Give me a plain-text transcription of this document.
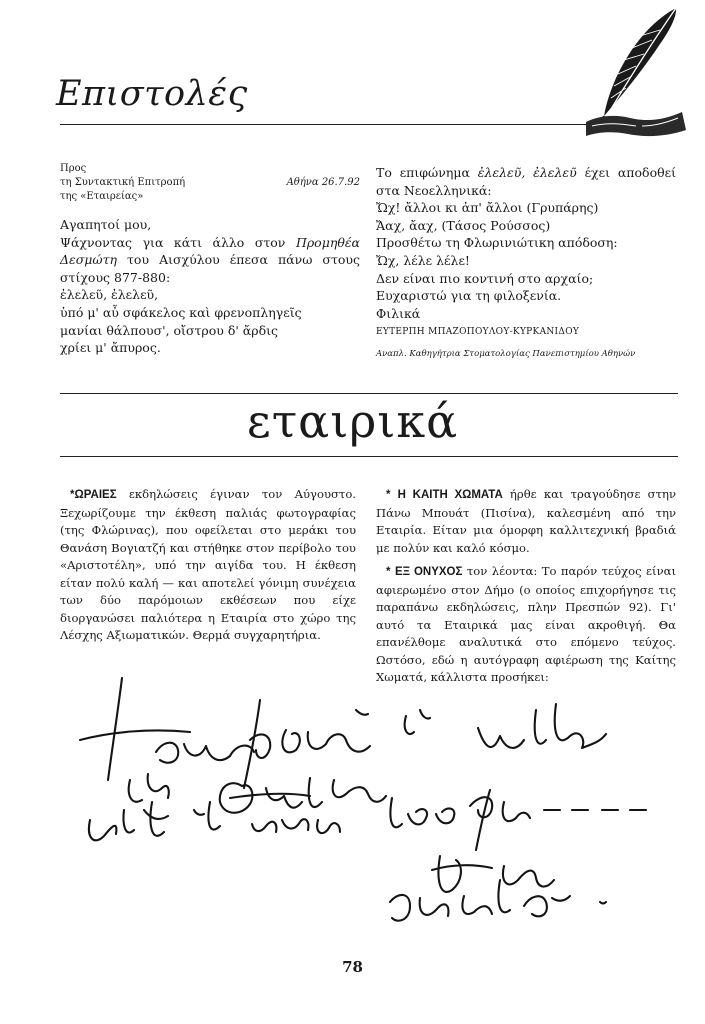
Επιστολές
Προς
τη Συντακτική Επιτροπή
της «Εταιρείας»
Αθήνα 26.7.92

Αγαπητοί μου,

Ψάχνοντας για κάτι άλλο στον Προμηθέα Δεσμώτη του Αισχύλου έπεσα πάνω στους στίχους 877-880:

ἐλελεῦ, ἐλελεῦ,

ὑπό μ' αὖ σφάκελος καὶ φρενοπληγεῖς

μανίαι θάλπουσ', οἴστρου δ' ἄρδις

χρίει μ' ἄπυρος.

Το επιφώνημα ἐλελεῦ, ἐλελεῦ έχει αποδοθεί στα Νεοελληνικά:

Ὤχ! ἄλλοι κι ἀπ' ἄλλοι (Γρυπάρης)

Ἄαχ, ἄαχ, (Τάσος Ρούσσος)

Προσθέτω τη Φλωρινιώτικη απόδοση:

Ὤχ, λέλε λέλε!

Δεν είναι πιο κοντινή στο αρχαίο;

Ευχαριστώ για τη φιλοξενία.

Φιλικά

ΕΥΤΕΡΠΗ ΜΠΑΖΟΠΟΥΛΟΥ-ΚΥΡΚΑΝΙΔΟΥ

Αναπλ. Καθηγήτρια Στοματολογίας Πανεπιστημίου Αθηνών

εταιρικά

*ΩΡΑΙΕΣ εκδηλώσεις έγιναν τον Αύγουστο. Ξεχωρίζουμε την έκθεση παλιάς φωτογραφίας (της Φλώρινας), που οφείλεται στο μεράκι του Θανάση Βογιατζή και στήθηκε στον περίβολο του «Αριστοτέλη», υπό την αιγίδα του. Η έκθεση είταν πολύ καλή — και αποτελεί γόνιμη συνέχεια των δύο παρόμοιων εκθέσεων που είχε διοργανώσει παλιότερα η Εταιρία στο χώρο της Λέσχης Αξιωματικών. Θερμά συγχαρητήρια.

* Η ΚΑΙΤΗ ΧΩΜΑΤΑ ήρθε και τραγούδησε στην Πάνω Μπουάτ (Πισίνα), καλεσμένη από την Εταιρία. Είταν μια όμορφη καλλιτεχνική βραδιά με πολύν και καλό κόσμο.

* ΕΞ ΟΝΥΧΟΣ τον λέοντα: Το παρόν τεύχος είναι αφιερωμένο στον Δήμο (ο οποίος επιχορήγησε τις παραπάνω εκδηλώσεις, πλην Πρεσπών 92). Γι' αυτό τα Εταιρικά μας είναι ακροθιγή. Θα επανέλθομε αναλυτικά στο επόμενο τεύχος. Ωστόσο, εδώ η αυτόγραφη αφιέρωση της Καίτης Χωματά, κάλλιστα προσήκει:

78
